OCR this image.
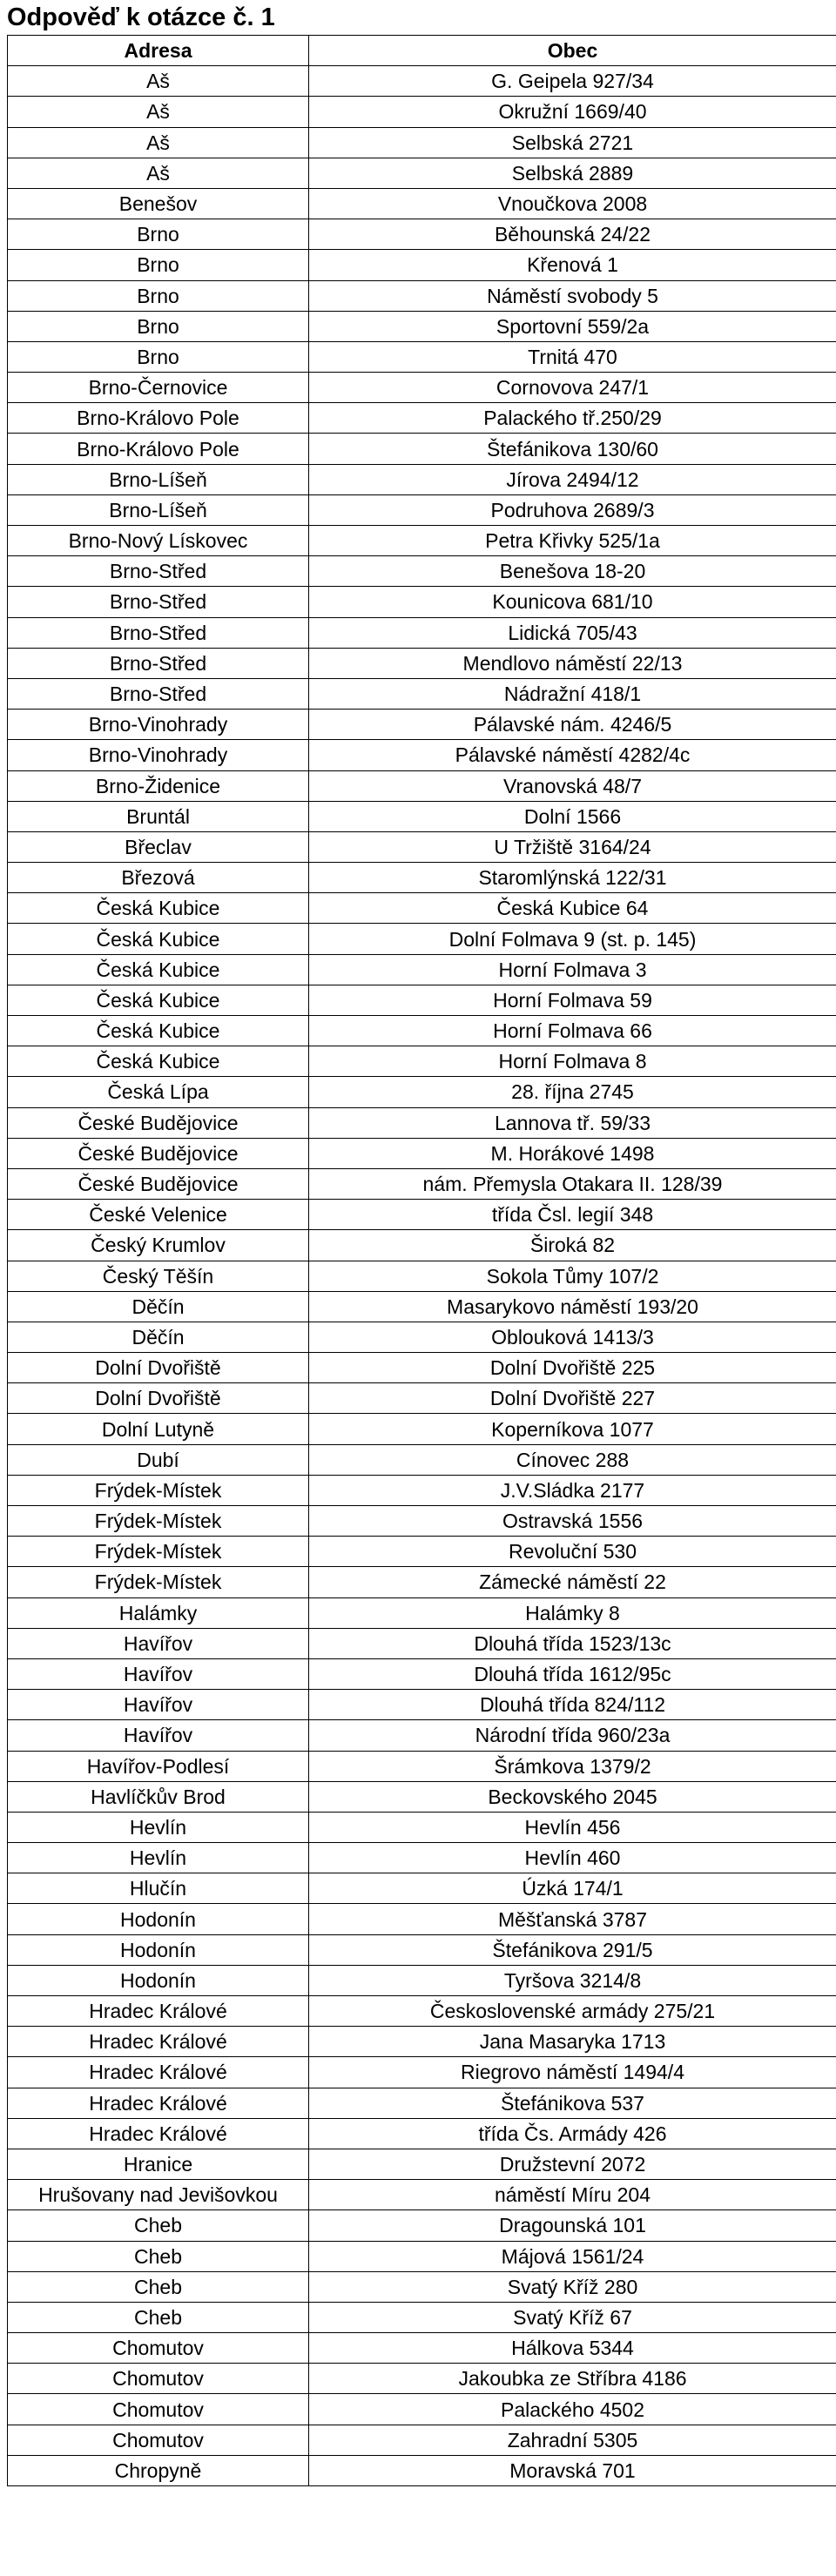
Odpověď k otázce č. 1
Adresa	Obec
Aš	G. Geipela 927/34
Aš	Okružní 1669/40
Aš	Selbská 2721
Aš	Selbská 2889
Benešov	Vnoučkova 2008
Brno	Běhounská 24/22
Brno	Křenová 1
Brno	Náměstí svobody 5
Brno	Sportovní 559/2a
Brno	Trnitá 470
Brno-Černovice	Cornovova 247/1
Brno-Královo Pole	Palackého tř.250/29
Brno-Královo Pole	Štefánikova 130/60
Brno-Líšeň	Jírova 2494/12
Brno-Líšeň	Podruhova 2689/3
Brno-Nový Lískovec	Petra Křivky 525/1a
Brno-Střed	Benešova 18-20
Brno-Střed	Kounicova 681/10
Brno-Střed	Lidická 705/43
Brno-Střed	Mendlovo náměstí 22/13
Brno-Střed	Nádražní 418/1
Brno-Vinohrady	Pálavské nám. 4246/5
Brno-Vinohrady	Pálavské náměstí 4282/4c
Brno-Židenice	Vranovská 48/7
Bruntál	Dolní 1566
Břeclav	U Tržiště 3164/24
Březová	Staromlýnská 122/31
Česká Kubice	Česká Kubice 64
Česká Kubice	Dolní Folmava 9 (st. p. 145)
Česká Kubice	Horní Folmava 3
Česká Kubice	Horní Folmava 59
Česká Kubice	Horní Folmava 66
Česká Kubice	Horní Folmava 8
Česká Lípa	28. října 2745
České Budějovice	Lannova tř. 59/33
České Budějovice	M. Horákové 1498
České Budějovice	nám. Přemysla Otakara II. 128/39
České Velenice	třída Čsl. legií 348
Český Krumlov	Široká 82
Český Těšín	Sokola Tůmy 107/2
Děčín	Masarykovo náměstí 193/20
Děčín	Oblouková 1413/3
Dolní Dvořiště	Dolní Dvořiště 225
Dolní Dvořiště	Dolní Dvořiště 227
Dolní Lutyně	Koperníkova 1077
Dubí	Cínovec 288
Frýdek-Místek	J.V.Sládka 2177
Frýdek-Místek	Ostravská 1556
Frýdek-Místek	Revoluční 530
Frýdek-Místek	Zámecké náměstí 22
Halámky	Halámky 8
Havířov	Dlouhá třída 1523/13c
Havířov	Dlouhá třída 1612/95c
Havířov	Dlouhá třída 824/112
Havířov	Národní třída 960/23a
Havířov-Podlesí	Šrámkova 1379/2
Havlíčkův Brod	Beckovského 2045
Hevlín	Hevlín 456
Hevlín	Hevlín 460
Hlučín	Úzká 174/1
Hodonín	Měšťanská 3787
Hodonín	Štefánikova 291/5
Hodonín	Tyršova 3214/8
Hradec Králové	Československé armády 275/21
Hradec Králové	Jana Masaryka 1713
Hradec Králové	Riegrovo náměstí 1494/4
Hradec Králové	Štefánikova 537
Hradec Králové	třída Čs. Armády 426
Hranice	Družstevní 2072
Hrušovany nad Jevišovkou	náměstí Míru 204
Cheb	Dragounská 101
Cheb	Májová 1561/24
Cheb	Svatý Kříž 280
Cheb	Svatý Kříž 67
Chomutov	Hálkova 5344
Chomutov	Jakoubka ze Stříbra 4186
Chomutov	Palackého 4502
Chomutov	Zahradní 5305
Chropyně	Moravská 701
